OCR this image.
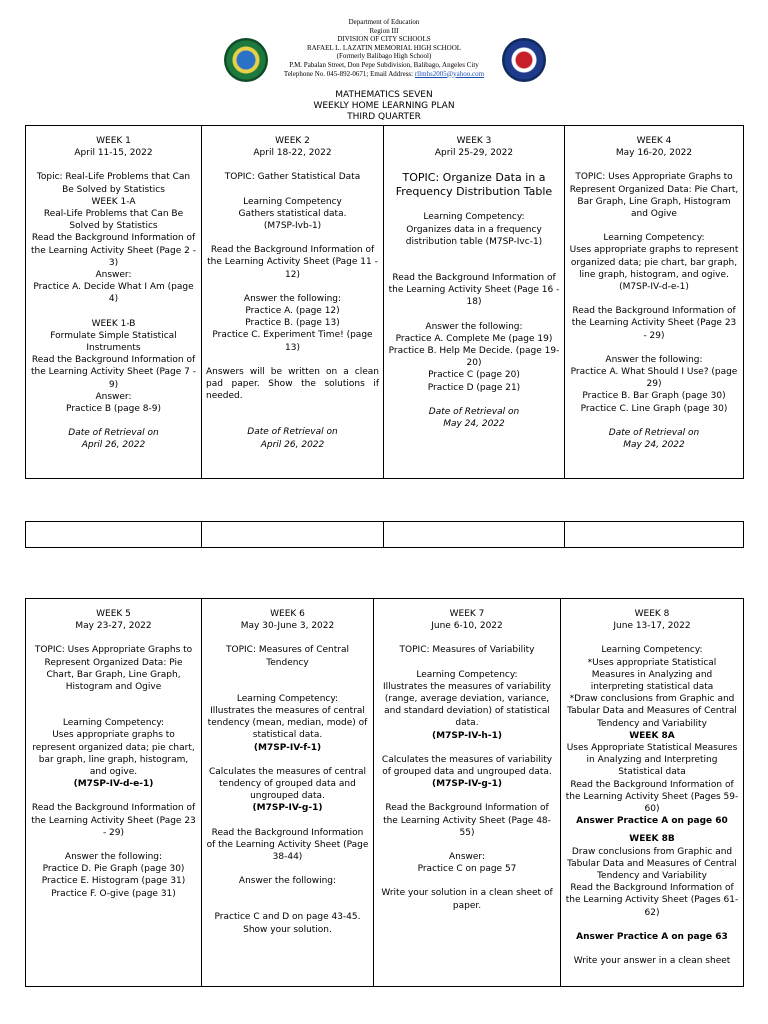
Department of Education
Region III
DIVISION OF CITY SCHOOLS
RAFAEL L. LAZATIN MEMORIAL HIGH SCHOOL
(Formerly Balibago High School)
P.M. Pabalan Street, Don Pepe Subdivision, Balibago, Angeles City
Telephone No. 045-892-0671; Email Address: rllmhs2005@yahoo.com
MATHEMATICS SEVEN
WEEKLY HOME LEARNING PLAN
THIRD QUARTER
WEEK 1
April 11-15, 2022
Topic: Real-Life Problems that Can Be Solved by Statistics
WEEK 1-A
Real-Life Problems that Can Be Solved by Statistics
Read the Background Information of the Learning Activity Sheet (Page 2 - 3)
Answer:
Practice A. Decide What I Am (page 4)
WEEK 1-B
Formulate Simple Statistical Instruments
Read the Background Information of the Learning Activity Sheet (Page 7 - 9)
Answer:
Practice B (page 8-9)
Date of Retrieval on
April 26, 2022

WEEK 2
April 18-22, 2022
TOPIC: Gather Statistical Data
Learning Competency
Gathers statistical data.
(M7SP-Ivb-1)
Read the Background Information of the Learning Activity Sheet (Page 11 - 12)
Answer the following:
Practice A. (page 12)
Practice B. (page 13)
Practice C. Experiment Time! (page 13)
Answers will be written on a clean pad paper. Show the solutions if needed.
Date of Retrieval on
April 26, 2022

WEEK 3
April 25-29, 2022
TOPIC: Organize Data in a Frequency Distribution Table
Learning Competency:
Organizes data in a frequency distribution table (M7SP-Ivc-1)
Read the Background Information of the Learning Activity Sheet (Page 16 - 18)
Answer the following:
Practice A. Complete Me (page 19)
Practice B. Help Me Decide. (page 19-20)
Practice C (page 20)
Practice D (page 21)
Date of Retrieval on
May 24, 2022

WEEK 4
May 16-20, 2022
TOPIC: Uses Appropriate Graphs to Represent Organized Data: Pie Chart, Bar Graph, Line Graph, Histogram and Ogive
Learning Competency:
Uses appropriate graphs to represent organized data; pie chart, bar graph, line graph, histogram, and ogive.
(M7SP-IV-d-e-1)
Read the Background Information of the Learning Activity Sheet (Page 23 - 29)
Answer the following:
Practice A. What Should I Use? (page 29)
Practice B. Bar Graph (page 30)
Practice C. Line Graph (page 30)
Date of Retrieval on
May 24, 2022

WEEK 5
May 23-27, 2022
TOPIC: Uses Appropriate Graphs to Represent Organized Data: Pie Chart, Bar Graph, Line Graph, Histogram and Ogive
Learning Competency:
Uses appropriate graphs to represent organized data; pie chart, bar graph, line graph, histogram, and ogive.
(M7SP-IV-d-e-1)
Read the Background Information of the Learning Activity Sheet (Page 23 - 29)
Answer the following:
Practice D. Pie Graph (page 30)
Practice E. Histogram (page 31)
Practice F. O-give (page 31)

WEEK 6
May 30-June 3, 2022
TOPIC: Measures of Central Tendency
Learning Competency:
Illustrates the measures of central tendency (mean, median, mode) of statistical data.
(M7SP-IV-f-1)
Calculates the measures of central tendency of grouped data and ungrouped data.
(M7SP-IV-g-1)
Read the Background Information of the Learning Activity Sheet (Page 38-44)
Answer the following:
Practice C and D on page 43-45. Show your solution.

WEEK 7
June 6-10, 2022
TOPIC: Measures of Variability
Learning Competency:
Illustrates the measures of variability (range, average deviation, variance, and standard deviation) of statistical data.
(M7SP-IV-h-1)
Calculates the measures of variability of grouped data and ungrouped data.
(M7SP-IV-g-1)
Read the Background Information of the Learning Activity Sheet (Page 48-55)
Answer:
Practice C on page 57
Write your solution in a clean sheet of paper.

WEEK 8
June 13-17, 2022
Learning Competency:
*Uses appropriate Statistical Measures in Analyzing and interpreting statistical data
*Draw conclusions from Graphic and Tabular Data and Measures of Central Tendency and Variability
WEEK 8A
Uses Appropriate Statistical Measures in Analyzing and Interpreting Statistical data
Read the Background Information of the Learning Activity Sheet (Pages 59-60)
Answer Practice A on page 60
WEEK 8B
Draw conclusions from Graphic and Tabular Data and Measures of Central Tendency and Variability
Read the Background Information of the Learning Activity Sheet (Pages 61-62)
Answer Practice A on page 63
Write your answer in a clean sheet
